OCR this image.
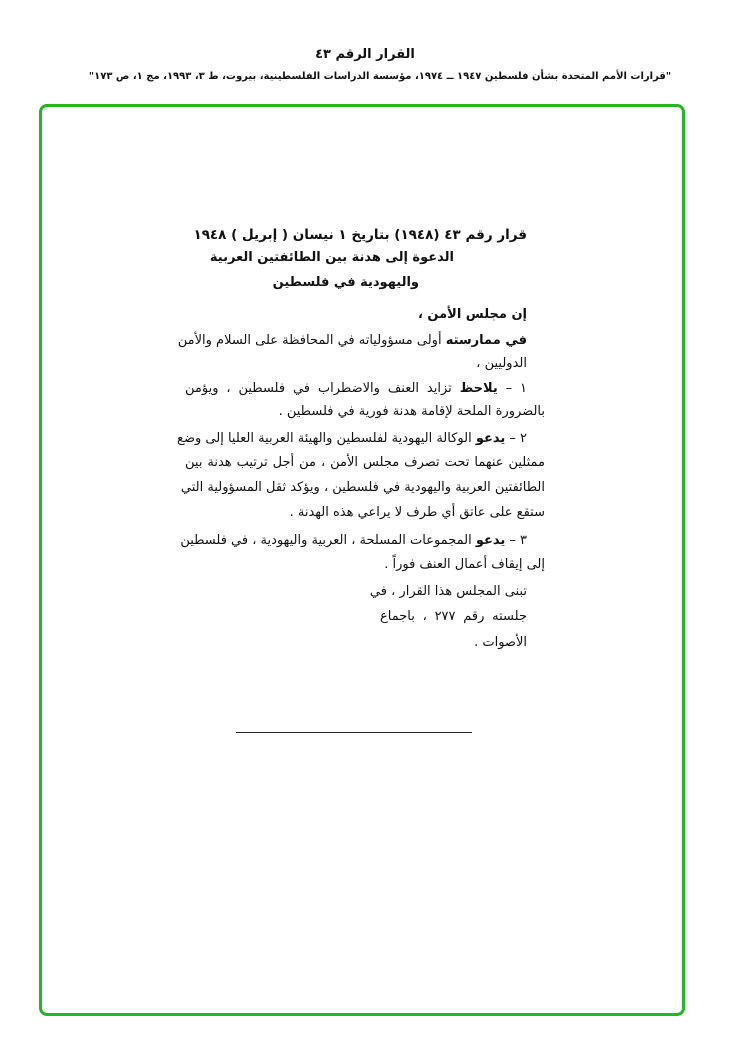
القرار الرقم ٤٣
"قرارات الأمم المتحدة بشأن فلسطين ١٩٤٧ ــ ١٩٧٤، مؤسسة الدراسات الفلسطينية، بيروت، ط ٣، ١٩٩٣، مج ١، ص ١٧٣"
قرار رقم ٤٣ (١٩٤٨) بتاريخ ١ نيسان ( إبريل ) ١٩٤٨
الدعوة إلى هدنة بين الطائفتين العربية
واليهودية في فلسطين
إن مجلس الأمن ،
في ممارسته أولى مسؤولياته في المحافظة على السلام والأمن
الدوليين ،
١ – يلاحظ تزايد العنف والاضطراب في فلسطين ، ويؤمن
بالضرورة الملحة لإقامة هدنة فورية في فلسطين .
٢ – يدعو الوكالة اليهودية لفلسطين والهيئة العربية العليا إلى وضع
ممثلين عنهما تحت تصرف مجلس الأمن ، من أجل ترتيب هدنة بين
الطائفتين العربية واليهودية في فلسطين ، ويؤكد ثقل المسؤولية التي
ستقع على عاتق أي طرف لا يراعي هذه الهدنة .
٣ – يدعو المجموعات المسلحة ، العربية واليهودية ، في فلسطين
إلى إيقاف أعمال العنف فوراً .
تبنى المجلس هذا القرار ، في
جلسته رقم ٢٧٧ ، باجماع
الأصوات .
